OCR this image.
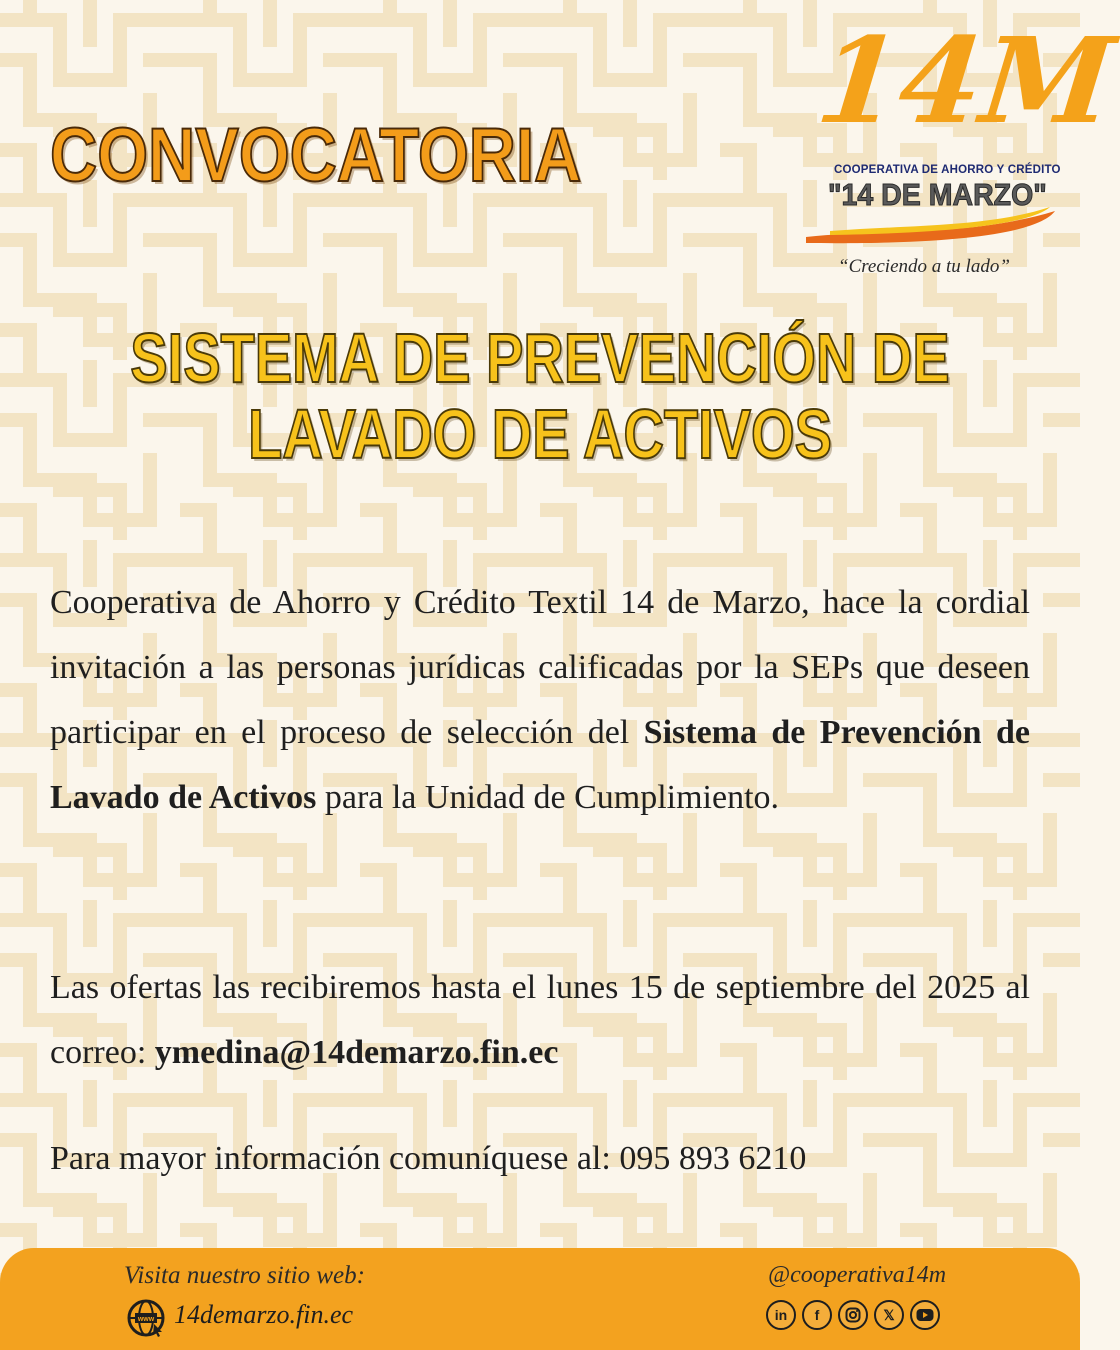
CONVOCATORIA
14M
COOPERATIVA DE AHORRO Y CRÉDITO
"14 DE MARZO"
“Creciendo a tu lado”
SISTEMA DE PREVENCIÓN DE
LAVADO DE ACTIVOS

Cooperativa de Ahorro y Crédito Textil 14 de Marzo, hace la cordial invitación a las personas jurídicas calificadas por la SEPs que deseen participar en el proceso de selección del Sistema de Prevención de Lavado de Activos para la Unidad de Cumplimiento.

Las ofertas las recibiremos hasta el lunes 15 de septiembre del 2025 al correo: ymedina@14demarzo.fin.ec

Para mayor información comuníquese al: 095 893 6210

Visita nuestro sitio web:
www 14demarzo.fin.ec
@cooperativa14m
in	f	𝕏
